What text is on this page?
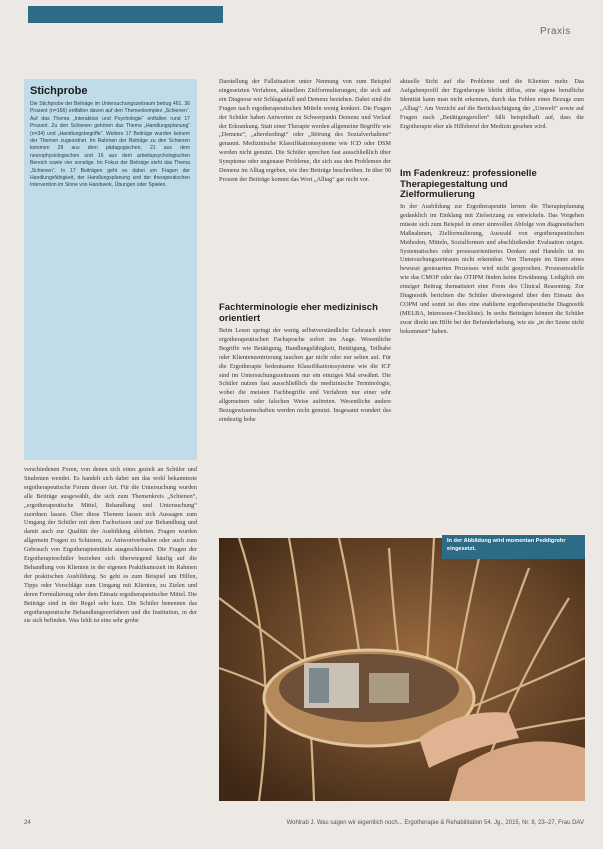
Praxis
Stichprobe
Die Stichprobe der Beiträge im Untersuchungszeitraum betrug 461. 36 Prozent (n=166) entfallen davon auf den Themenkomplex „Schienen“. Auf das Thema „Interaktion und Psychologie“ entfallen rund 17 Prozent. Zu den Schienen gehören das Thema „Handlungsplanung“ (n=34) und „Handlungsbegriffe“. Weitere 17 Beiträge wurden keinem der Themen zugeordnet. Im Rahmen der Beiträge zu den Schienen kommen 28 aus dem pädagogischen, 21 aus dem neurophysiologischen und 16 aus dem arbeitspsychologischen Bereich sowie vier sonstige. Im Fokus der Beiträge steht das Thema „Schienen“. In 17 Beiträgen geht es dabei um Fragen der Handlungsfähigkeit, der Handlungsplanung und der therapeutischen Intervention im Sinne von Handwerk, Übungen oder Spielen.
verschiedenen Foren, von denen sich eines gezielt an Schüler und Studenten wendet. Es handelt sich dabei um das wohl bekannteste ergotherapeutische Forum dieser Art. Für die Untersuchung wurden alle Beiträge ausgewählt, die sich zum Themenkreis „Schienen“, „ergotherapeutische Mittel, Behandlung und Untersuchung“ zuordnen lassen. Über diese Themen lassen sich Aussagen zum Umgang der Schüler mit dem Fachwissen und zur Behandlung und damit auch zur Qualität der Ausbildung ableiten. Fragen wurden allgemein Fragen zu Schienen, zu Antwortverhalten oder auch zum Gebrauch von Ergotherapiemitteln ausgeschlossen. Die Fragen der Ergotherapieschüler beziehen sich überwiegend häufig auf die Behandlung von Klienten in der eigenen Praktikumszeit im Rahmen der praktischen Ausbildung. So geht es zum Beispiel um Hilfen, Tipps oder Vorschläge zum Umgang mit Klienten, zu Zielen und deren Formulierung oder dem Einsatz ergotherapeutischer Mittel. Die Beiträge sind in der Regel sehr kurz. Die Schüler benennen das ergotherapeutische Behandlungsverfahren und die Institution, in der sie sich befinden. Was fehlt ist eine sehr grobe
Darstellung der Fallsituation unter Nennung von zum Beispiel eingesetzten Verfahren, aktuellem Zielformulierungen, die sich auf ein Diagnose wie Schlaganfall und Demenz beziehen. Dabei sind die Fragen nach ergotherapeutischen Mitteln wenig konkret. Die Fragen der Schüler haben Antworten zu Schwerpunkt Demenz und Verlauf der Erkrankung. Statt einer Therapie werden allgemeine Begriffe wie „Demenz“, „altersbedingt“ oder „Störung des Sozialverhaltens“ genannt. Medizinische Klassifikationssysteme wie ICD oder DSM werden nicht genutzt. Die Schüler sprechen fast ausschließlich über Symptome oder ungenaue Probleme, die sich aus den Problemen der Demenz im Alltag ergeben, wie ihre Beiträge beschreiben. In über 90 Prozent der Beiträge kommt das Wort „Alltag“ gar nicht vor.
Fachterminologie eher medizinisch orientiert
Beim Lesen springt der wenig selbstverständliche Gebrauch einer ergotherapeutischen Fachsprache sofort ins Auge. Wesentliche Begriffe wie Betätigung, Handlungsfähigkeit, Betätigung, Teilhabe oder Klientenzentrierung tauchen gar nicht oder nur selten auf. Für die Ergotherapie bedeutsame Klassifikationssysteme wie die ICF sind im Untersuchungszeitraum nur ein einziges Mal erwähnt. Die Schüler nutzen fast ausschließlich die medizinische Terminologie, wobei die meisten Fachbegriffe und Verfahren nur einer sehr allgemeinen oder falschen Weise auftreten. Wesentliche andere Bezugswissenschaften werden nicht genutzt. Insgesamt wundert das eindeutig hohe
aktuelle Sicht auf die Probleme und die Klienten mehr. Das Aufgabenprofil der Ergotherapie bleibt diffus, eine eigene berufliche Identität kann man nicht erkennen, durch das Fehlen eines Bezugs zum „Alltag“. Am Verzicht auf die Berücksichtigung der „Umwelt“ sowie auf Fragen nach „Betätigungsrollen“ fällt beispielhaft auf, dass die Ergotherapie eher als Hilfsberuf der Medizin gesehen wird.
Im Fadenkreuz: professionelle Therapiegestaltung und Zielformulierung
In der Ausbildung zur Ergotherapeutin lernen die Therapieplanung gedanklich im Einklang mit Zielsetzung zu entwickeln. Das Vorgehen müsste sich zum Beispiel in einer sinnvollen Abfolge von diagnostischen Maßnahmen, Zielformulierung, Auswahl von ergotherapeutischen Methoden, Mitteln, Sozialformen und abschließender Evaluation zeigen. Systematisches oder prozessorientiertes Denken und Handeln ist im Untersuchungszeitraum nicht erkennbar. Von Therapie im Sinne eines bewusst gesteuerten Prozesses wird nicht gesprochen. Prozessmodelle wie das CMOP oder das OTIPM finden keine Erwähnung. Lediglich ein einziger Beitrag thematisiert eine Form des Clinical Reasoning. Zur Diagnostik berichten die Schüler überwiegend über den Einsatz des COPM und somit ist dies eine etablierte ergotherapeutische Diagnostik (MELBA, Interessen-Checkliste). In sechs Beiträgen können die Schüler zwar direkt um Hilfe bei der Befunderhebung, wie sie „in der Szene nicht bekommen“ haben.
In der Abbildung wird momentan Peddigrohr eingesetzt.
24	Wohlrab J. Was sagen wir eigentlich noch... Ergotherapie & Rehabilitation 54. Jg., 2015, Nr. 8, 23–27, Frau DAV
